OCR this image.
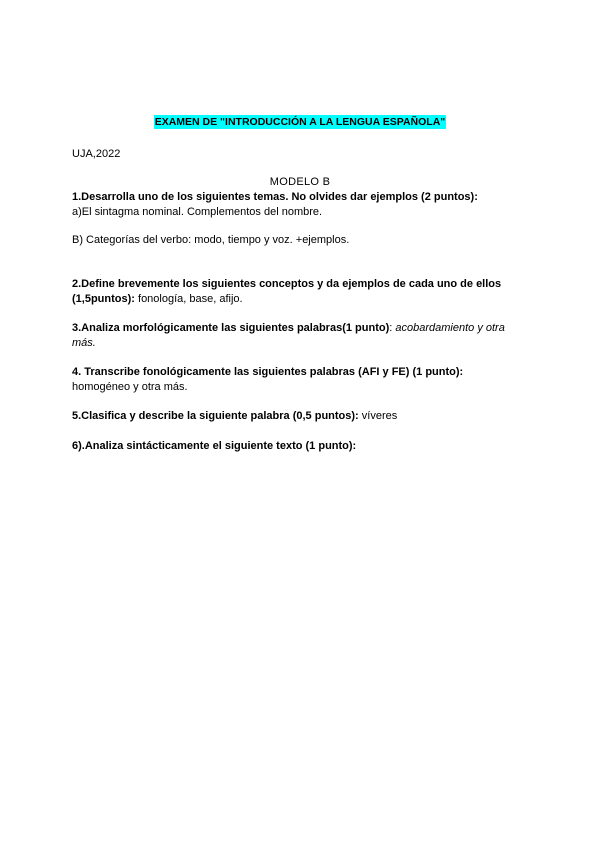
EXAMEN DE "INTRODUCCIÓN A LA LENGUA ESPAÑOLA"
UJA,2022
MODELO B
1.Desarrolla uno de los siguientes temas. No olvides dar ejemplos (2 puntos):
a)El sintagma nominal. Complementos del nombre.
B) Categorías del verbo: modo, tiempo y voz. +ejemplos.
2.Define brevemente los siguientes conceptos y da ejemplos de cada uno de ellos
(1,5puntos): fonología, base, afijo.
3.Analiza morfológicamente las siguientes palabras(1 punto): acobardamiento y otra
más.
4. Transcribe fonológicamente las siguientes palabras (AFI y FE) (1 punto):
homogéneo y otra más.
5.Clasifica y describe la siguiente palabra (0,5 puntos): víveres
6).Analiza sintácticamente el siguiente texto (1 punto):
